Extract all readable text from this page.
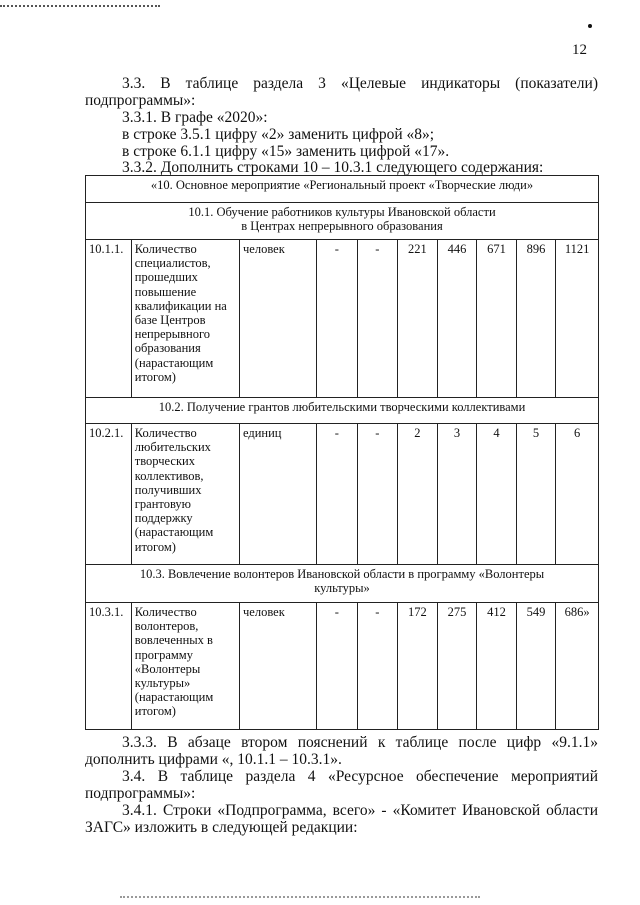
12
3.3. В таблице раздела 3 «Целевые индикаторы (показатели)
подпрограммы»:
3.3.1. В графе «2020»:
в строке 3.5.1 цифру «2» заменить цифрой «8»;
в строке 6.1.1 цифру «15» заменить цифрой «17».
3.3.2. Дополнить строками 10 – 10.3.1 следующего содержания:
«10. Основное мероприятие «Региональный проект «Творческие люди»									
10.1. Обучение работников культуры Ивановской области
в Центрах непрерывного образования									
10.1.1.	Количество специалистов, прошедших повышение квалификации на базе Центров непрерывного образования (нарастающим итогом)	человек	-	-	221	446	671	896	1121
10.2. Получение грантов любительскими творческими коллективами									
10.2.1.	Количество любительских творческих коллективов, получивших грантовую поддержку (нарастающим итогом)	единиц	-	-	2	3	4	5	6
10.3. Вовлечение волонтеров Ивановской области в программу «Волонтеры
культуры»									
10.3.1.	Количество волонтеров, вовлеченных в программу «Волонтеры культуры» (нарастающим итогом)	человек	-	-	172	275	412	549	686»
3.3.3. В абзаце втором пояснений к таблице после цифр «9.1.1»
дополнить цифрами «, 10.1.1 – 10.3.1».
3.4. В таблице раздела 4 «Ресурсное обеспечение мероприятий
подпрограммы»:
3.4.1. Строки «Подпрограмма, всего» - «Комитет Ивановской области
ЗАГС» изложить в следующей редакции:
